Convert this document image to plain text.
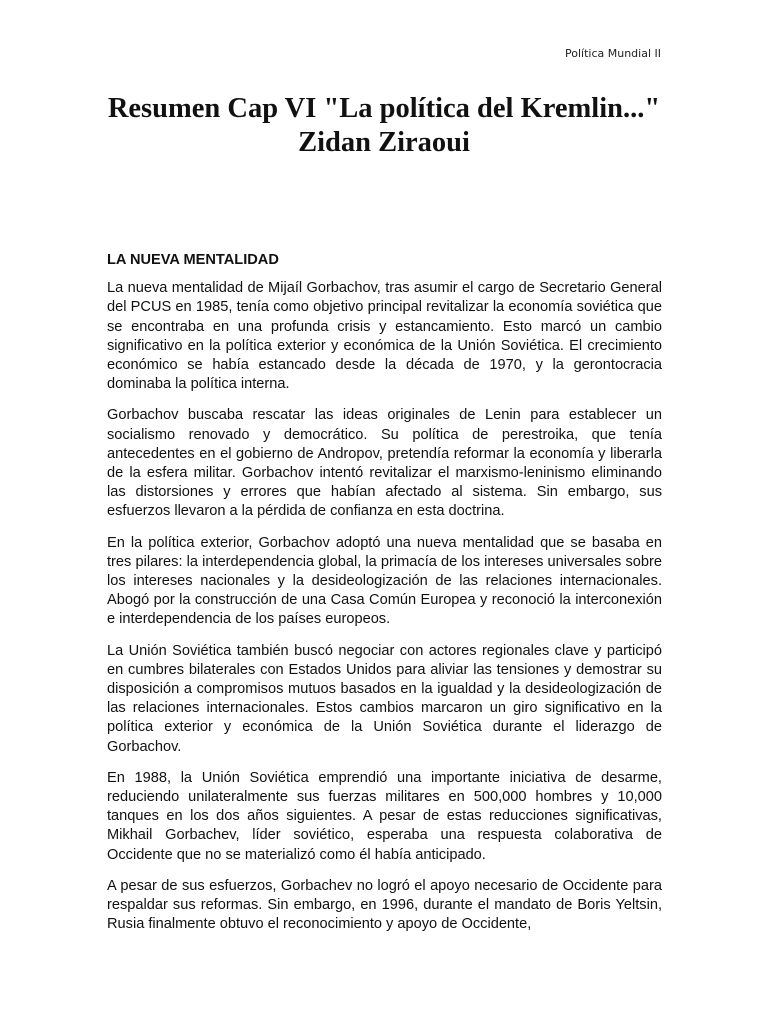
Política Mundial II
Resumen Cap VI "La política del Kremlin..." Zidan Ziraoui
LA NUEVA MENTALIDAD

La nueva mentalidad de Mijaíl Gorbachov, tras asumir el cargo de Secretario General del PCUS en 1985, tenía como objetivo principal revitalizar la economía soviética que se encontraba en una profunda crisis y estancamiento. Esto marcó un cambio significativo en la política exterior y económica de la Unión Soviética. El crecimiento económico se había estancado desde la década de 1970, y la gerontocracia dominaba la política interna.

Gorbachov buscaba rescatar las ideas originales de Lenin para establecer un socialismo renovado y democrático. Su política de perestroika, que tenía antecedentes en el gobierno de Andropov, pretendía reformar la economía y liberarla de la esfera militar. Gorbachov intentó revitalizar el marxismo-leninismo eliminando las distorsiones y errores que habían afectado al sistema. Sin embargo, sus esfuerzos llevaron a la pérdida de confianza en esta doctrina.

En la política exterior, Gorbachov adoptó una nueva mentalidad que se basaba en tres pilares: la interdependencia global, la primacía de los intereses universales sobre los intereses nacionales y la desideologización de las relaciones internacionales. Abogó por la construcción de una Casa Común Europea y reconoció la interconexión e interdependencia de los países europeos.

La Unión Soviética también buscó negociar con actores regionales clave y participó en cumbres bilaterales con Estados Unidos para aliviar las tensiones y demostrar su disposición a compromisos mutuos basados en la igualdad y la desideologización de las relaciones internacionales. Estos cambios marcaron un giro significativo en la política exterior y económica de la Unión Soviética durante el liderazgo de Gorbachov.

En 1988, la Unión Soviética emprendió una importante iniciativa de desarme, reduciendo unilateralmente sus fuerzas militares en 500,000 hombres y 10,000 tanques en los dos años siguientes. A pesar de estas reducciones significativas, Mikhail Gorbachev, líder soviético, esperaba una respuesta colaborativa de Occidente que no se materializó como él había anticipado.

A pesar de sus esfuerzos, Gorbachev no logró el apoyo necesario de Occidente para respaldar sus reformas. Sin embargo, en 1996, durante el mandato de Boris Yeltsin, Rusia finalmente obtuvo el reconocimiento y apoyo de Occidente,
